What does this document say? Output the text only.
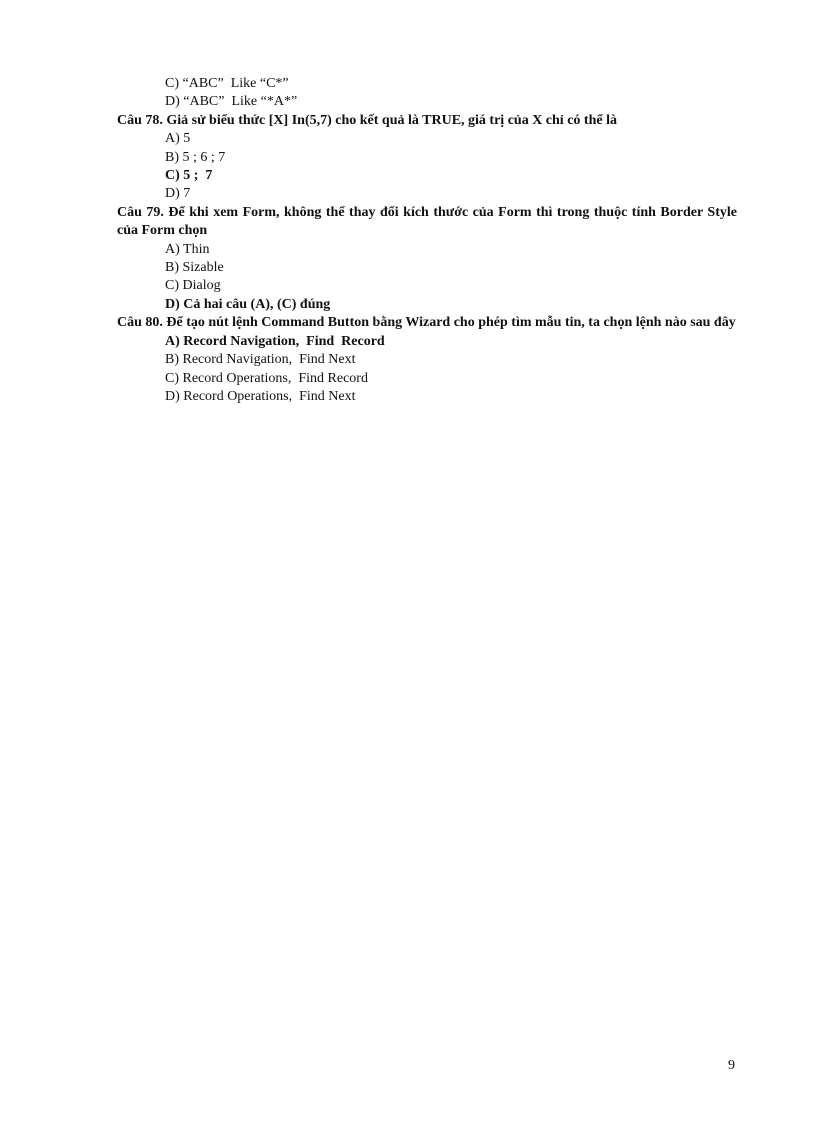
C) “ABC”  Like “C*”

D) “ABC”  Like “*A*”

Câu 78. Giả sử biểu thức [X] In(5,7) cho kết quả là TRUE, giá trị của X chỉ có thể là

A) 5

B) 5 ; 6 ; 7

C) 5 ;  7

D) 7

Câu 79. Để khi xem Form, không thể thay đổi kích thước của Form thì trong thuộc tính Border Style của Form chọn

A) Thin

B) Sizable

C) Dialog

D) Cả hai câu (A), (C) đúng

Câu 80. Để tạo nút lệnh Command Button bằng Wizard cho phép tìm mẫu tin, ta chọn lệnh nào sau đây

A) Record Navigation,  Find  Record

B) Record Navigation,  Find Next

C) Record Operations,  Find Record

D) Record Operations,  Find Next

9
